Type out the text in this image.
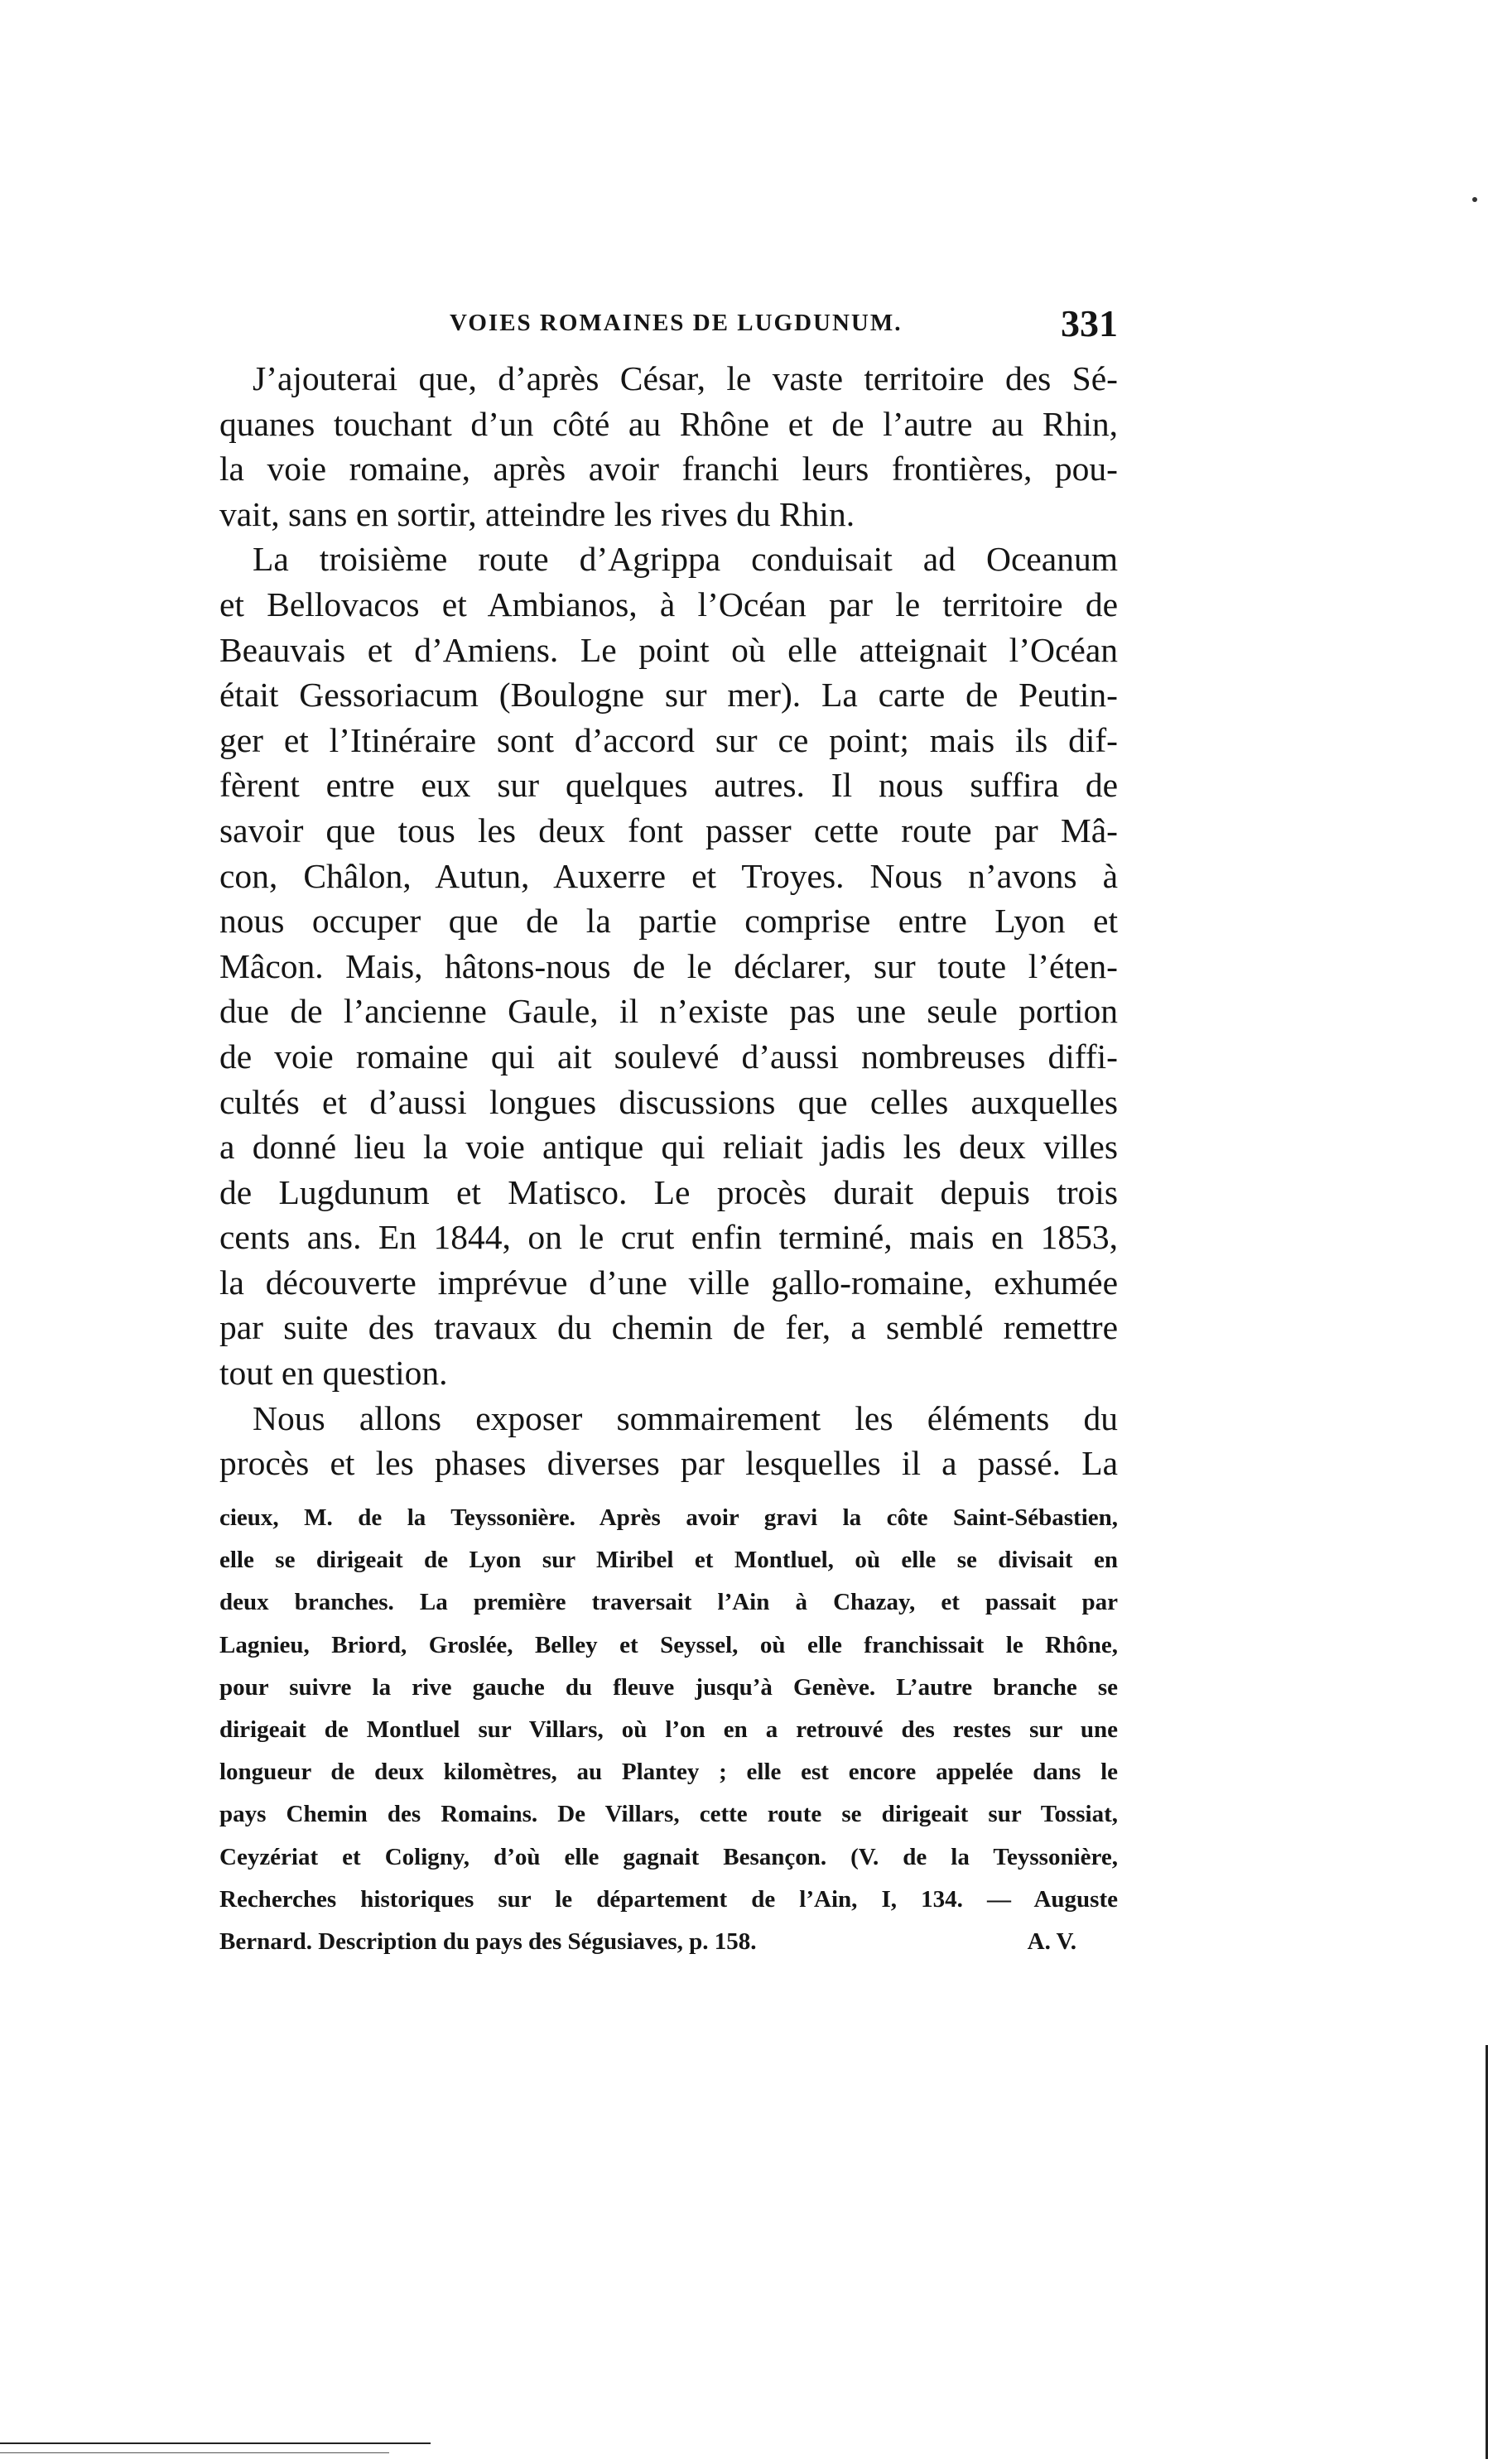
VOIES ROMAINES DE LUGDUNUM.	331
J’ajouterai que, d’après César, le vaste territoire des Sé-
quanes touchant d’un côté au Rhône et de l’autre au Rhin,
la voie romaine, après avoir franchi leurs frontières, pou-
vait, sans en sortir, atteindre les rives du Rhin.
La troisième route d’Agrippa conduisait ad Oceanum
et Bellovacos et Ambianos, à l’Océan par le territoire de
Beauvais et d’Amiens. Le point où elle atteignait l’Océan
était Gessoriacum (Boulogne sur mer). La carte de Peutin-
ger et l’Itinéraire sont d’accord sur ce point; mais ils dif-
fèrent entre eux sur quelques autres. Il nous suffira de
savoir que tous les deux font passer cette route par Mâ-
con, Châlon, Autun, Auxerre et Troyes. Nous n’avons à
nous occuper que de la partie comprise entre Lyon et
Mâcon. Mais, hâtons-nous de le déclarer, sur toute l’éten-
due de l’ancienne Gaule, il n’existe pas une seule portion
de voie romaine qui ait soulevé d’aussi nombreuses diffi-
cultés et d’aussi longues discussions que celles auxquelles
a donné lieu la voie antique qui reliait jadis les deux villes
de Lugdunum et Matisco. Le procès durait depuis trois
cents ans. En 1844, on le crut enfin terminé, mais en 1853,
la découverte imprévue d’une ville gallo-romaine, exhumée
par suite des travaux du chemin de fer, a semblé remettre
tout en question.
Nous allons exposer sommairement les éléments du
procès et les phases diverses par lesquelles il a passé. La
cieux, M. de la Teyssonière. Après avoir gravi la côte Saint-Sébastien,
elle se dirigeait de Lyon sur Miribel et Montluel, où elle se divisait en
deux branches. La première traversait l’Ain à Chazay, et passait par
Lagnieu, Briord, Groslée, Belley et Seyssel, où elle franchissait le Rhône,
pour suivre la rive gauche du fleuve jusqu’à Genève. L’autre branche se
dirigeait de Montluel sur Villars, où l’on en a retrouvé des restes sur une
longueur de deux kilomètres, au Plantey ; elle est encore appelée dans le
pays Chemin des Romains. De Villars, cette route se dirigeait sur Tossiat,
Ceyzériat et Coligny, d’où elle gagnait Besançon. (V. de la Teyssonière,
Recherches historiques sur le département de l’Ain, I, 134. — Auguste
Bernard. Description du pays des Ségusiaves, p. 158.	A. V.
